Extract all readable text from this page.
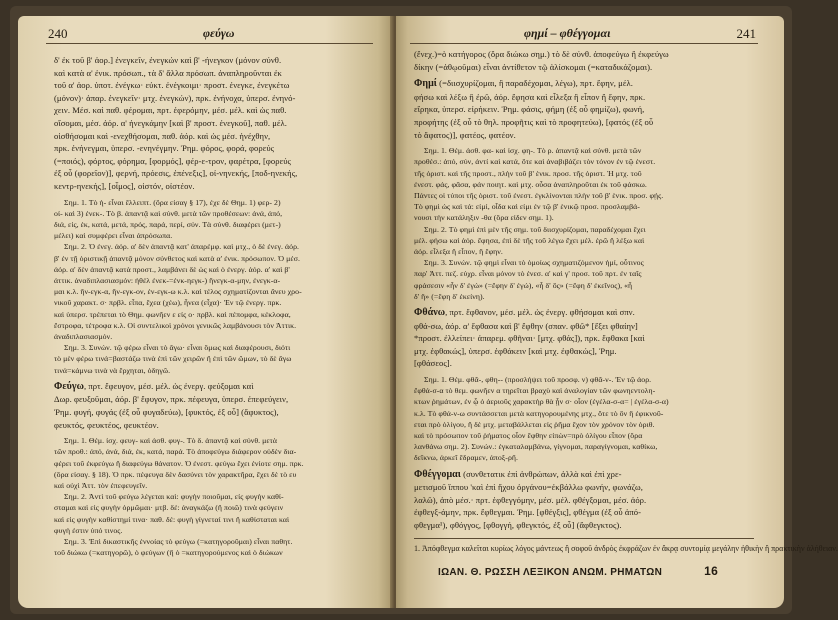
240	φεύγω

δ' ἐκ τοῦ β' ἀορ.] ἐνεγκεῖν, ἐνεγκών καὶ β' -ήνεγκον (μόνον σύνθ.

καὶ κατὰ α' ἐνικ. πρόσωπ., τὰ δ' ἄλλα πρόσωπ. ἀναπληροῦνται ἐκ

τοῦ α' ἀορ. ὑποτ. ἐνέγκω· εὐκτ. ἐνέγκοιμι· προστ. ἐνεγκε, ἐνεγκέτω

(μόνον)· ἀπαρ. ἐνεγκεῖν· μτχ. ἐνεγκών), πρκ. ἐνήνοχα, ὑπερσ. ἐνηνό-

χειν. Μέσ. καὶ παθ. φέρομαι, πρτ. ἐφερόμην, μέσ. μέλ. καὶ ὡς παθ.

οἴσομαι, μέσ. ἀόρ. α' ἠνεγκάμην [καὶ β' προστ. ἐνεγκοῦ], παθ. μέλ.

οἰσθήσομαι καὶ -ενεχθήσομαι, παθ. ἀόρ. καὶ ὡς μέσ. ἠνέχθην,

πρκ. ἐνήνεγμαι, ὑπερσ. -ενηνέγμην. Ῥημ. φόρος, φορά, φορεύς

(=ποιός), φόρτος, φόρημα, [φορμός], φέρ-ε-τρον, φαρέτρα, [φορεύς

ἐξ οὗ (φορεῖον)], φερνή, πρόεσις, ἐπένεξις], οἰ-νηνεκής, [ποδ-ηνεκής,

κεντρ-ηνεκής], [οἶμος], οἰστόν, οἰστέον.

Σημ. 1. Τὸ ἠ- εἶναι ἔλλειπτ. (ὅρα εἰσαγ § 17), ἐχε δὲ Θημ. 1) φερ- 2)

οἰ- καὶ 3) ἐνεκ-. Τὸ β. ἁπαντᾷ καὶ σύνθ. μετὰ τῶν προθέσεων: ἀνά, ἀπό,

διά, εἰς, ἐκ, κατά, μετά, πρός, παρά, περί, σύν. Τὰ σύνθ. διαφέρει (μετ-)

μέλει) καὶ συμφέρει εἶναι ἀπρόσωπα.

Σημ. 2. Ὁ ἐνεγ. ἀόρ. α' δὲν ἁπαντᾷ κατ' ἀπαρέμφ. καὶ μτχ., ὁ δὲ ἐνεγ. ἀόρ.

β' ἐν τῇ ὁριστικῇ ἁπαντᾷ μόνον σύνθετος καὶ κατὰ α' ἐνικ. πρόσωπον. Ὁ μέσ.

ἀόρ. α' δὲν ἁπαντᾷ κατὰ προστ., λαμβάνει δὲ ὡς καὶ ὁ ἐνεργ. ἀόρ. α' καὶ β'

ἀττικ. ἀναδιπλασιασμόν: ἠθέλ ἐνεκ-=ἐνκ-ηεγκ-) ἤνεγκ-α-μην, ἐνεγκ-α-

μαι κ.λ. ἤν-εγκ-α, ἤν-εγκ-ον, ἐν-εγκ-ω κ.λ. καὶ τέλος σχηματίζονται ἄνευ χρο-

νικοῦ χαρακτ. σ· πρβλ. εἶπα, ἔχεα (χέω), ἦνεα (εἶχα)· Ἐν τῷ ἐνεργ. πρκ.

καὶ ὑπερσ. τρέπεται τὸ Θημ. φωνῆεν ε εἰς ο· πρβλ. καὶ πέπομφα, κέκλοφα,

ἔστροφα, τέτροφα κ.λ. Οἱ συντελικοὶ χρόνοι γενικῶς λαμβάνουσι τὸν Ἀττικ.

ἀναδιπλασιασμόν.

Σημ. 3. Συνών. τῷ φέρω εἶναι τὸ ἄγω· εἶναι ὅμως καὶ διαφέρουσι, διότι

τὸ μὲν φέρω τινά=βαστάζω τινὰ ἐπὶ τῶν χειρῶν ἢ ἐπὶ τῶν ὤμων, τὸ δὲ ἄγω

τινά=κάμνω τινὰ νὰ ἔρχηται, ὁδηγῶ.

Φεύγω, πρτ. ἔφευγον, μέσ. μέλ. ὡς ἐνεργ. φεύξομαι καὶ

Δωρ. φευξοῦμαι, ἀόρ. β' ἔφυγον, πρκ. πέφευγα, ὑπερσ. ἐπεφεύγειν,

Ῥημ. φυγή, φυγάς (ἐξ οὗ φυγαδεύω), [φυκτός, ἐξ οὗ] (ἄφυκτος),

φευκτός, φευκτέος, φευκτέον.

Σημ. 1. Θέμ. ἰσχ. φευγ- καὶ ἀσθ. φυγ-. Τὸ δ. ἁπαντᾷ καὶ σύνθ. μετὰ

τῶν προθ.: ἀπό, ἀνά, διά, ἐκ, κατά, παρά. Τὸ ἀποφεύγω διάφερον οὐδὲν δια-

φέρει τοῦ ἐκφεύγω ἢ διαφεύγω θάνατον. Ὁ ἐνεστ. φεύγω ἔχει ἐνίοτε σημ. πρκ.

(ὅρα εἰσαγ. § 18). Ὁ πρκ. πέφευγα δὲν δασύνει τὸν χαρακτῆρα, ἔχει δὲ τὸ ευ

καὶ οὐχὶ Ἀττ. τὸν ἐπεφευγεῖν.

Σημ. 2. Ἀντὶ τοῦ φεύγω λέγεται καὶ: φυγὴν ποιοῦμαι, εἰς φυγὴν καθί-

σταμαι καὶ εἰς φυγὴν ὁρμῶμαι· μτβ. δέ: ἀναγκάζω (ἢ ποιῶ) τινὰ φεύγειν

καὶ εἰς φυγὴν καθίστημί τινα· παθ. δέ: φυγὴ γίγνεταί τινι ἢ καθίσταται καὶ

φυγὴ ἐστιν ὑπό τινος.

Σημ. 3. Ἐπὶ δικαστικῆς ἐννοίας τὸ φεύγω (=κατηγοροῦμαι) εἶναι παθητ.

τοῦ διώκω (=κατηγορῶ), ὁ φεύγων (ἢ ὁ =κατηγορούμενος καὶ ὁ διώκων

φημί – φθέγγομαι	241

(ἔνεχ.)=ὁ κατήγορος (ὅρα διώκω σημ.) τὸ δὲ σύνθ. ἀποφεύγω ἢ ἐκφεύγω

δίκην (=ἀθῳοῦμαι) εἶναι ἀντίθετον τῷ ἁλίσκομαι (=καταδικάζομαι).

Φημί (=διισχυρίζομαι, ἢ παραδέχομαι, λέγω), πρτ. ἔφην, μέλ.

φήσω καὶ λέξω ἢ ἐρῶ, ἀόρ. ἔφησα καὶ εἶλεξα ἢ εἶπον ἢ ἔφην, πρκ.

εἴρηκα, ὑπερσ. εἰρήκειν. Ῥημ. φάσις, φήμη (ἐξ οὗ φημίζω), φωνή,

προφήτης (ἐξ οὗ τὸ θηλ. προφῆτις καὶ τὸ προφητεύω), [φατός (ἐξ οὗ

τὸ ἄφατος)], φατέος, φατέον.

Σημ. 1. Θέμ. ἀσθ. φα- καὶ ἰσχ. φη-. Τὸ ρ. ἁπαντᾷ καὶ σύνθ. μετὰ τῶν

προθέσ.: ἀπό, σύν, ἀντί καὶ κατά, ὅτε καὶ ἀναβιβάζει τὸν τόνον ἐν τῷ ἐνεστ.

τῆς ὁριστ. καὶ τῆς προστ., πλὴν τοῦ β' ἑνικ. προσ. τῆς ὁριστ. Ἡ μτχ. τοῦ

ἐνεστ. φάς, φᾶσα, φάν ποιητ. καὶ μτχ. οὖσα ἀναπληροῦται ἐκ τοῦ φάσκω.

Πάντες οἱ τύποι τῆς ὁριστ. τοῦ ἐνεστ. ἐγκλίνονται πλὴν τοῦ β' ἑνικ. προσ. φῄς.

Τὸ φημὶ ὡς καὶ τά: εἰμί, οἶδα καὶ εἰμι ἐν τῷ β' ἑνικῷ προσ. προσλαμβά-

νουσι τὴν κατάληξιν -θα (ὅρα εἰδεν σημ. 1).

Σημ. 2. Τὸ φημὶ ἐπὶ μὲν τῆς σημ. τοῦ διισχυρίζομαι, παραδέχομαι ἔχει

μέλ. φήσω καὶ ἀόρ. ἔφησα, ἐπὶ δὲ τῆς τοῦ λέγω ἔχει μέλ. ἐρῶ ἢ λέξω καὶ

ἀόρ. εἶλεξα ἢ εἶπον, ἢ ἔφην.

Σημ. 3. Συνών. τῷ φημὶ εἶναι τὸ ὁμοίως σχηματιζόμενον ἠμί, οὗτινος

παρ' Ἀττ. πεζ. εὐχρ. εἶναι μόνον τὸ ἐνεσ. α' καὶ γ' προσ. τοῦ πρτ. ἐν ταῖς

φράσεσιν «ἦν δ' ἐγώ» (=ἔφην δ' ἐγώ), «ἦ δ' ὅς» (=ἔφη δ' ἐκεῖνος), «ἦ

δ' ἥ» (=ἔφη δ' ἐκείνη).

Φθάνω, πρτ. ἔφθανον, μέσ. μέλ. ὡς ἐνεργ. φθήσομαι καὶ σπν.

φθά-σω, ἀόρ. α' ἔφθασα καὶ β' ἔφθην (σπαν. φθῶ* [ἔξει φθαίην]

*προστ. ἐλλείπει· ἀπαρεμ. φθῆναι· [μτχ. φθάς]), πρκ. ἔφθακα [καὶ

μτχ. ἐφθακώς], ὑπερσ. ἐφθάκειν [καὶ μτχ. ἐφθακώς], Ῥημ.

[φθάσεος].

Σημ. 1. Θέμ. φθᾶ-, φθη-- (προσλήψει τοῦ προσφ. ν) φθᾶ-ν-. Ἐν τῷ ἀορ.

ἔφθά-σ-α τὸ θεμ. φωνῆεν α τηρεῖται βραχὺ καὶ ἀναλογίαν τῶν φωνηεντολη-

κτων ῥημάτων, ἐν ᾧ ὁ ἀεριοῦς χαρακτὴρ θὰ ᾖν σ· οἷον (ἐγέλα-σ-α= | ἐγέλα-σ-α)

κ.λ. Τὸ φθά-ν-ω συντάσσεται μετὰ κατηγορουμένης μτχ., ὅτε τὸ ὂν ἢ ἐφικνοῦ-

εται πρὸ ὀλίγου, ἢ δὲ μτχ. μεταβάλλεται εἰς ῥῆμα ἔχον τὸν χρόνον τὸν ὁριθ.

καὶ τὸ πρόσωπον τοῦ ῥήματος οἷον ἔφθην εἰπὼν=πρὸ ὀλίγου εἶπον (ὅρα

λανθάνω σημ. 2). Συνών.: ἐγκαταλαμβάνω, γίγνομαι, παραγίγνομαι, καθίκω,

δεῖκνω, ἀρκεῖ ἔδραμεν, ἀποξ-ρῆ.

Φθέγγομαι (συνθετατικ ἐπὶ ἀνθρώπων, ἀλλὰ καὶ ἐπὶ χρε-

μετισμοῦ ἵππου 'καὶ ἐπὶ ἤχου ὀργάνου=ἐκβάλλω φωνήν, φωνάζω,

λαλῶ), ἀπὸ μέσ.· πρτ. ἐφθεγγόμην, μέσ. μέλ. φθέγξομαι, μέσ. ἀόρ.

ἐφθεγξ-άμην, πρκ. ἔφθεγμαι. Ῥημ. [φθέγξις], φθέγμα (ἐξ οὗ ἀπό-

φθεγμα¹), φθόγγος, [φθογγή, φθεγκτός, ἐξ οὗ] (ἄφθεγκτος).

1. Ἀπόφθεγμα καλεῖται κυρίως λόγος μάντεως ἢ σοφοῦ ἀνδρὸς ἐκφράζων ἐν ἄκρᾳ συντομίᾳ μεγάλην ἠθικὴν ἢ πρακτικὴν ἀλήθειαν.

ΙΩΑΝ. Θ. ΡΩΣΣΗ ΛΕΞΙΚΟΝ ΑΝΩΜ. ΡΗΜΑΤΩΝ	16
